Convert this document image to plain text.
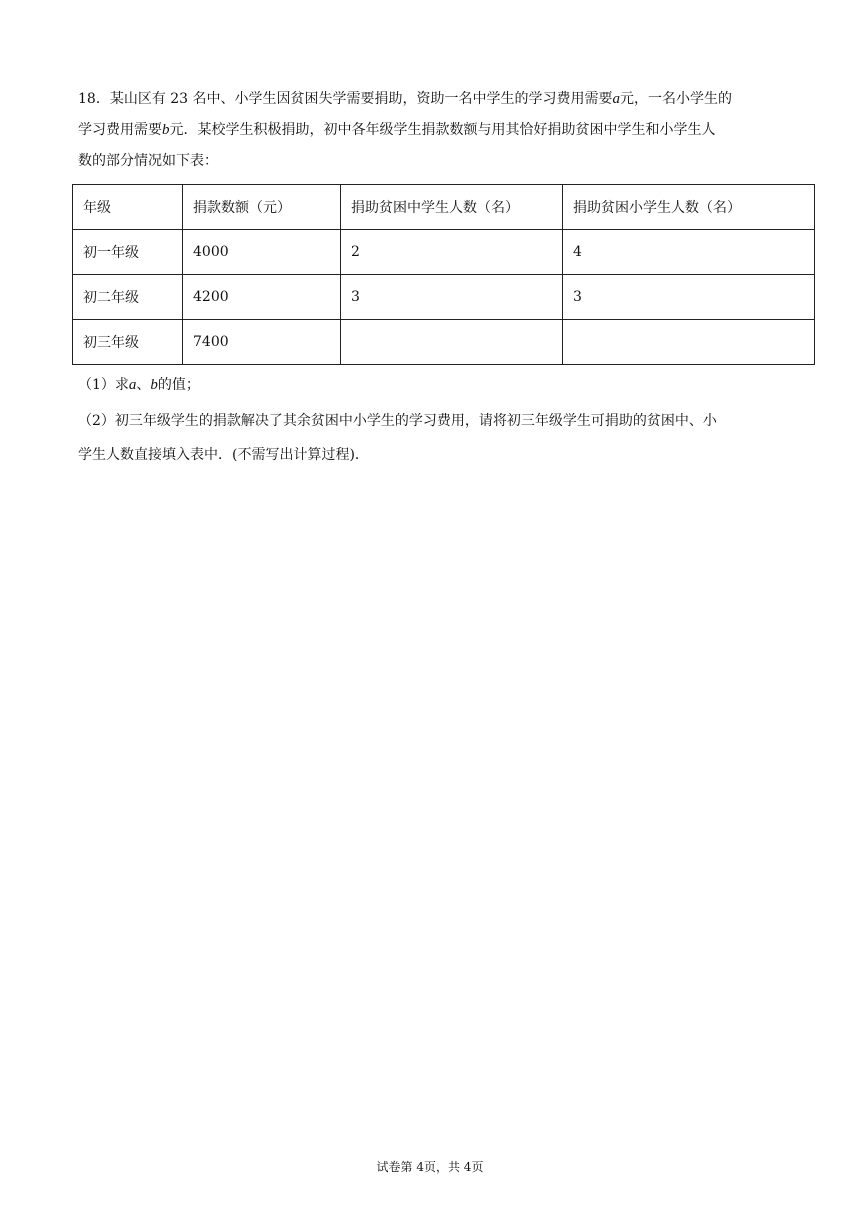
18．某山区有 23 名中、小学生因贫困失学需要捐助，资助一名中学生的学习费用需要a元，一名小学生的

学习费用需要b元．某校学生积极捐助，初中各年级学生捐款数额与用其恰好捐助贫困中学生和小学生人

数的部分情况如下表：

年级	捐款数额（元）	捐助贫困中学生人数（名）	捐助贫困小学生人数（名）
初一年级	4000	2	4
初二年级	4200	3	3
初三年级	7400		

（1）求a、b的值；

（2）初三年级学生的捐款解决了其余贫困中小学生的学习费用，请将初三年级学生可捐助的贫困中、小

学生人数直接填入表中．(不需写出计算过程)．

试卷第 4页，共 4页
